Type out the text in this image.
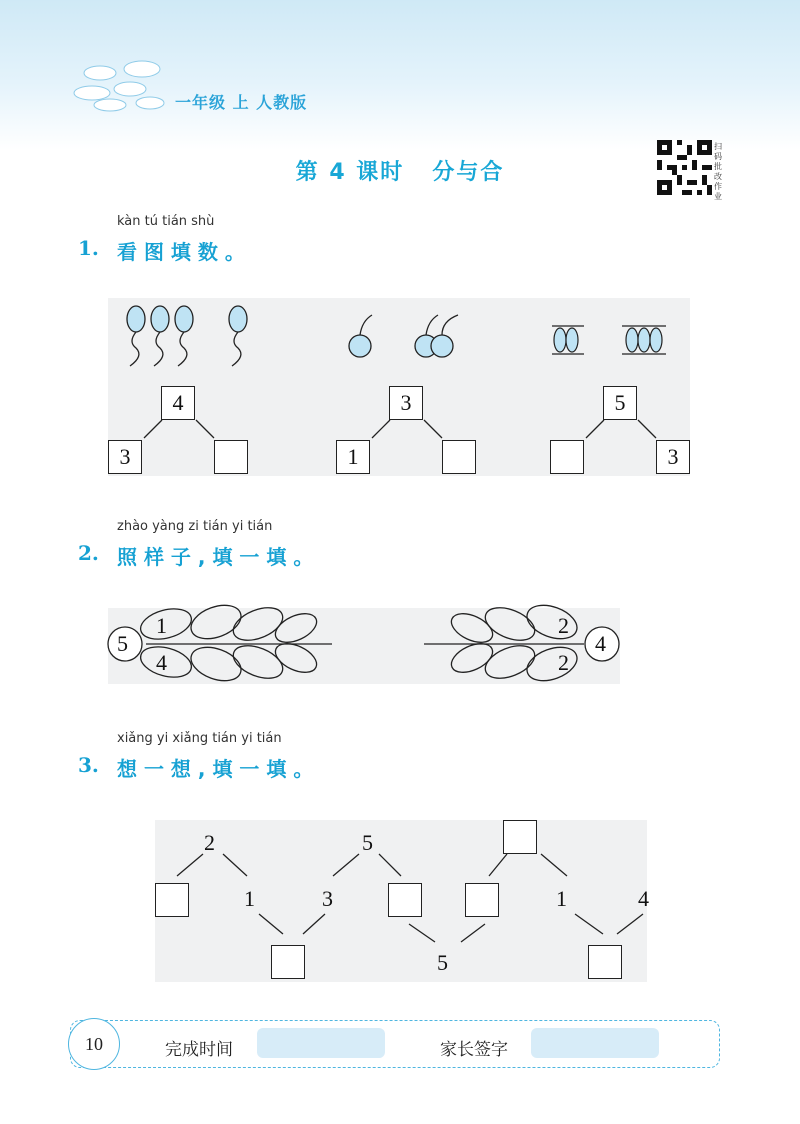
一年级 上 人教版
第 4 课时 分与合
扫码批改作业
kàn tú tián shù
1. 看 图 填 数 。
4
3
3
1
5
3
zhào yàng zi tián yi tián
2. 照 样 子 , 填 一 填 。
5
1
4
4
2
2
xiǎng yi xiǎng tián yi tián
3. 想 一 想 , 填 一 填 。
2
1	3
5
5
1	4
10	完成时间	家长签字
